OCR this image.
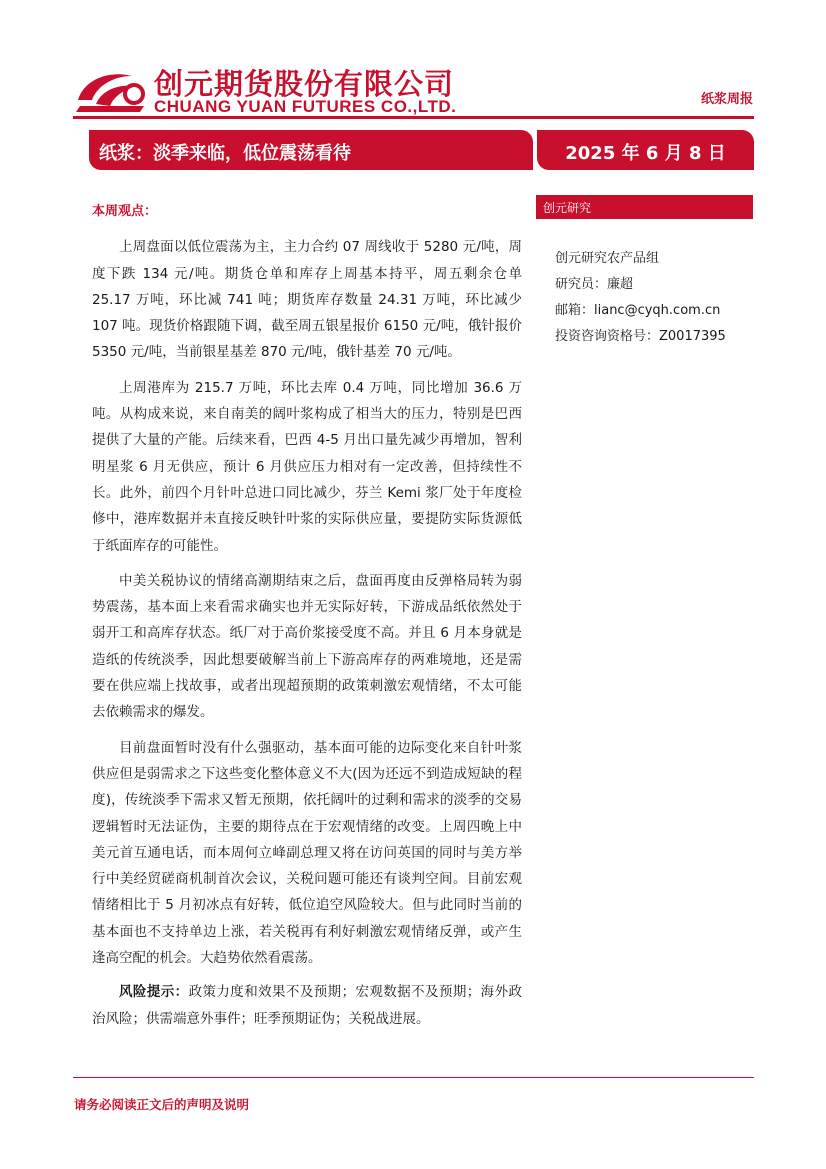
创元期货股份有限公司
CHUANG YUAN FUTURES CO.,LTD.	纸浆周报
纸浆：淡季来临，低位震荡看待	2025 年 6 月 8 日

本周观点：

上周盘面以低位震荡为主，主力合约 07 周线收于 5280 元/吨，周度下跌 134 元/吨。期货仓单和库存上周基本持平，周五剩余仓单 25.17 万吨，环比减 741 吨；期货库存数量 24.31 万吨，环比减少 107 吨。现货价格跟随下调，截至周五银星报价 6150 元/吨，俄针报价 5350 元/吨，当前银星基差 870 元/吨，俄针基差 70 元/吨。

上周港库为 215.7 万吨，环比去库 0.4 万吨，同比增加 36.6 万吨。从构成来说，来自南美的阔叶浆构成了相当大的压力，特别是巴西提供了大量的产能。后续来看，巴西 4-5 月出口量先减少再增加，智利明星浆 6 月无供应，预计 6 月供应压力相对有一定改善，但持续性不长。此外，前四个月针叶总进口同比减少，芬兰 Kemi 浆厂处于年度检修中，港库数据并未直接反映针叶浆的实际供应量，要提防实际货源低于纸面库存的可能性。

中美关税协议的情绪高潮期结束之后，盘面再度由反弹格局转为弱势震荡，基本面上来看需求确实也并无实际好转，下游成品纸依然处于弱开工和高库存状态。纸厂对于高价浆接受度不高。并且 6 月本身就是造纸的传统淡季，因此想要破解当前上下游高库存的两难境地，还是需要在供应端上找故事，或者出现超预期的政策刺激宏观情绪，不太可能去依赖需求的爆发。

目前盘面暂时没有什么强驱动，基本面可能的边际变化来自针叶浆供应但是弱需求之下这些变化整体意义不大(因为还远不到造成短缺的程度)，传统淡季下需求又暂无预期，依托阔叶的过剩和需求的淡季的交易逻辑暂时无法证伪，主要的期待点在于宏观情绪的改变。上周四晚上中美元首互通电话，而本周何立峰副总理又将在访问英国的同时与美方举行中美经贸磋商机制首次会议，关税问题可能还有谈判空间。目前宏观情绪相比于 5 月初冰点有好转，低位追空风险较大。但与此同时当前的基本面也不支持单边上涨，若关税再有利好刺激宏观情绪反弹，或产生逢高空配的机会。大趋势依然看震荡。

风险提示：政策力度和效果不及预期；宏观数据不及预期；海外政治风险；供需端意外事件；旺季预期证伪；关税战进展。

创元研究
创元研究农产品组
研究员：廉超
邮箱：lianc@cyqh.com.cn
投资咨询资格号：Z0017395
请务必阅读正文后的声明及说明
